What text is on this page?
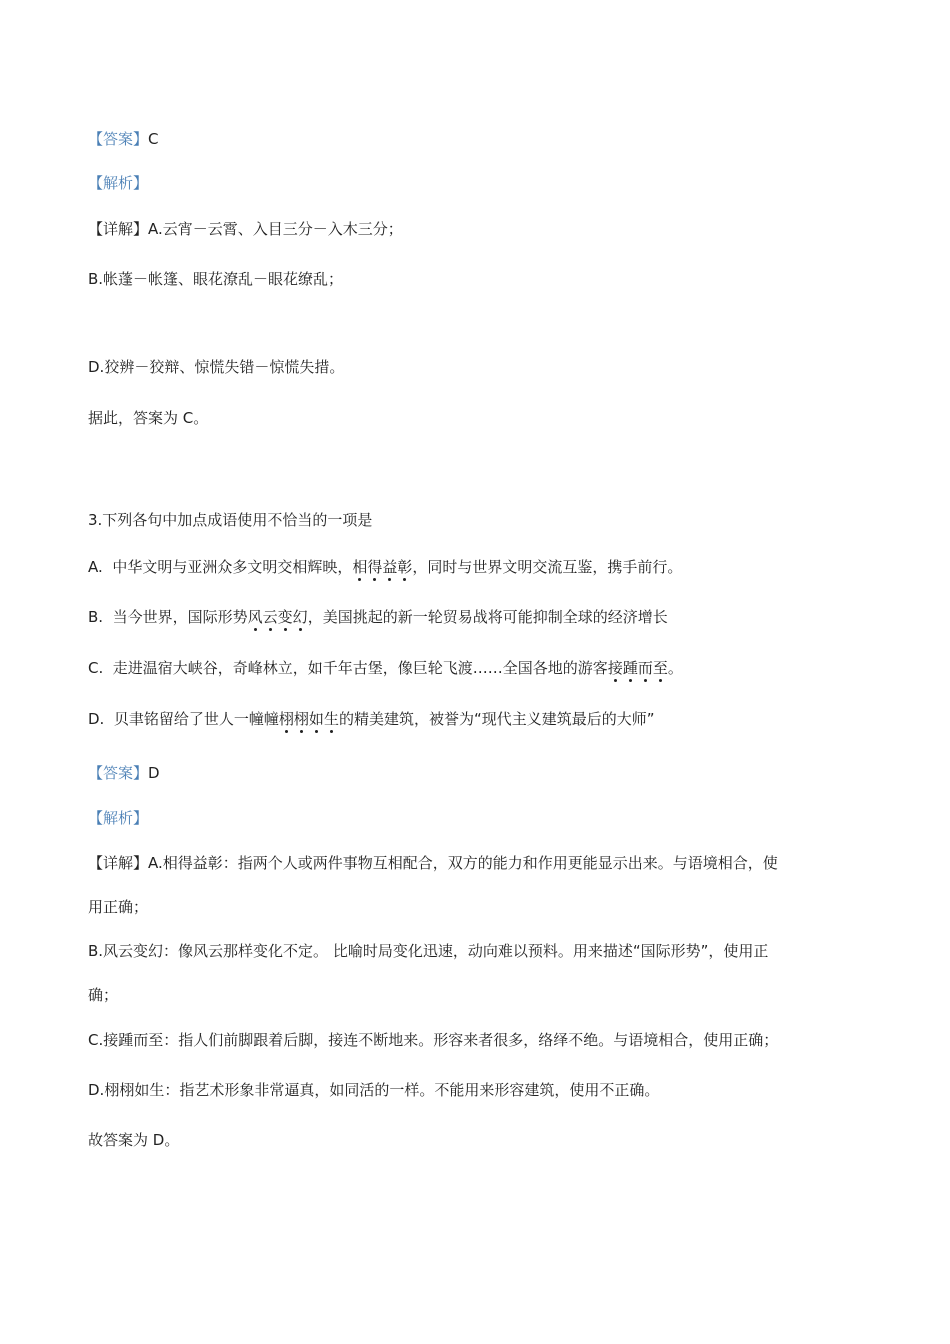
【答案】C
【解析】
【详解】A.云宵－云霄、入目三分－入木三分；
B.帐蓬－帐篷、眼花潦乱－眼花缭乱；
D.狡辨－狡辩、惊慌失错－惊慌失措。
据此，答案为 C。
3.下列各句中加点成语使用不恰当的一项是
A. 中华文明与亚洲众多文明交相辉映，相得益彰，同时与世界文明交流互鉴，携手前行。
B. 当今世界，国际形势风云变幻，美国挑起的新一轮贸易战将可能抑制全球的经济增长
C. 走进温宿大峡谷，奇峰林立，如千年古堡，像巨轮飞渡……全国各地的游客接踵而至。
D. 贝聿铭留给了世人一幢幢栩栩如生的精美建筑，被誉为“现代主义建筑最后的大师”
【答案】D
【解析】
【详解】A.相得益彰：指两个人或两件事物互相配合，双方的能力和作用更能显示出来。与语境相合，使
用正确；
B.风云变幻：像风云那样变化不定。 比喻时局变化迅速，动向难以预料。用来描述“国际形势”，使用正
确；
C.接踵而至：指人们前脚跟着后脚，接连不断地来。形容来者很多，络绎不绝。与语境相合，使用正确；
D.栩栩如生：指艺术形象非常逼真，如同活的一样。不能用来形容建筑，使用不正确。
故答案为 D。
